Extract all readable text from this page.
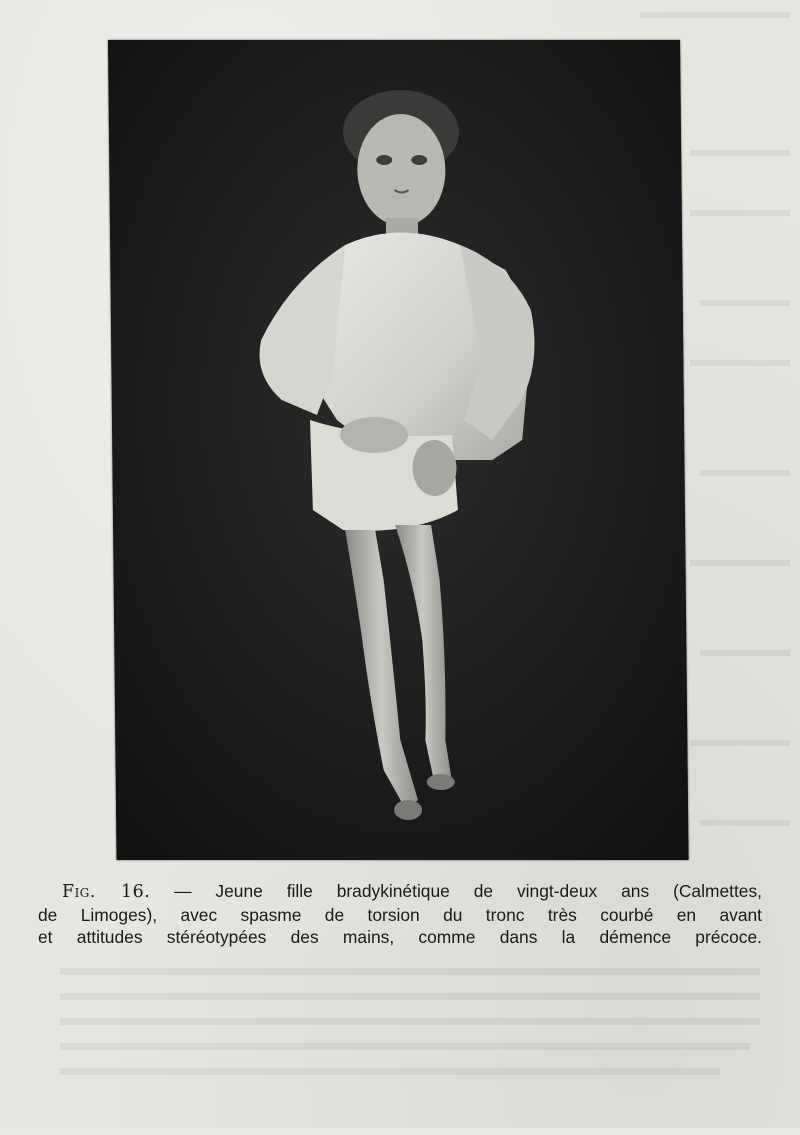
Fig. 16. — Jeune fille bradykinétique de vingt-deux ans (Calmettes,
de Limoges), avec spasme de torsion du tronc très courbé en avant
et attitudes stéréotypées des mains, comme dans la démence précoce.
